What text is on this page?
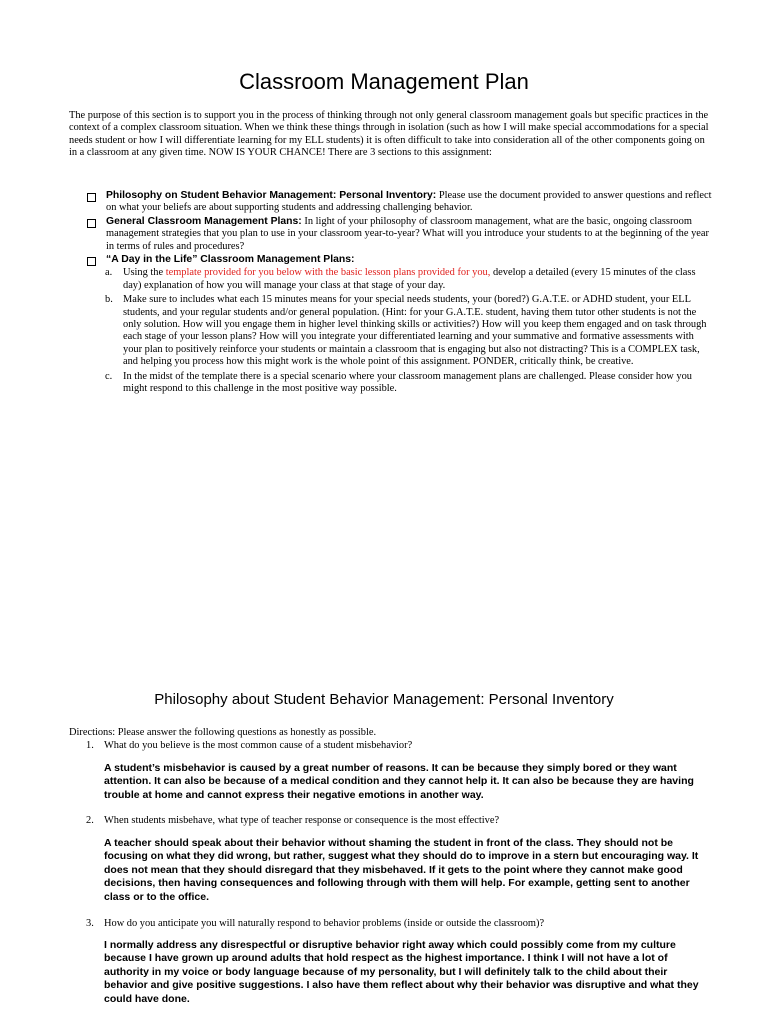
Classroom Management Plan
The purpose of this section is to support you in the process of thinking through not only general classroom management goals but specific practices in the context of a complex classroom situation. When we think these things through in isolation (such as how I will make special accommodations for a special needs student or how I will differentiate learning for my ELL students) it is often difficult to take into consideration all of the other components going on in a classroom at any given time. NOW IS YOUR CHANCE! There are 3 sections to this assignment:
Philosophy on Student Behavior Management: Personal Inventory: Please use the document provided to answer questions and reflect on what your beliefs are about supporting students and addressing challenging behavior.
General Classroom Management Plans: In light of your philosophy of classroom management, what are the basic, ongoing classroom management strategies that you plan to use in your classroom year-to-year? What will you introduce your students to at the beginning of the year in terms of rules and procedures?
“A Day in the Life” Classroom Management Plans:
a.	Using the template provided for you below with the basic lesson plans provided for you, develop a detailed (every 15 minutes of the class day) explanation of how you will manage your class at that stage of your day.
b. Make sure to includes what each 15 minutes means for your special needs students, your (bored?) G.A.T.E. or ADHD student, your ELL students, and your regular students and/or general population. (Hint: for your G.A.T.E. student, having them tutor other students is not the only solution. How will you engage them in higher level thinking skills or activities?) How will you keep them engaged and on task through each stage of your lesson plans? How will you integrate your differentiated learning and your summative and formative assessments with your plan to positively reinforce your students or maintain a classroom that is engaging but also not distracting? This is a COMPLEX task, and helping you process how this might work is the whole point of this assignment. PONDER, critically think, be creative.
c.	In the midst of the template there is a special scenario where your classroom management plans are challenged. Please consider how you might respond to this challenge in the most positive way possible.
Philosophy about Student Behavior Management: Personal Inventory
Directions: Please answer the following questions as honestly as possible.
1. What do you believe is the most common cause of a student misbehavior?
A student’s misbehavior is caused by a great number of reasons. It can be because they simply bored or they want attention. It can also be because of a medical condition and they cannot help it. It can also be because they are having trouble at home and cannot express their negative emotions in another way.
2. When students misbehave, what type of teacher response or consequence is the most effective?
A teacher should speak about their behavior without shaming the student in front of the class. They should not be focusing on what they did wrong, but rather, suggest what they should do to improve in a stern but encouraging way. It does not mean that they should disregard that they misbehaved. If it gets to the point where they cannot make good decisions, then having consequences and following through with them will help. For example, getting sent to another class or to the office.
3. How do you anticipate you will naturally respond to behavior problems (inside or outside the classroom)?
I normally address any disrespectful or disruptive behavior right away which could possibly come from my culture because I have grown up around adults that hold respect as the highest importance. I think I will not have a lot of authority in my voice or body language because of my personality, but I will definitely talk to the child about their behavior and give positive suggestions. I also have them reflect about why their behavior was disruptive and what they could have done.
